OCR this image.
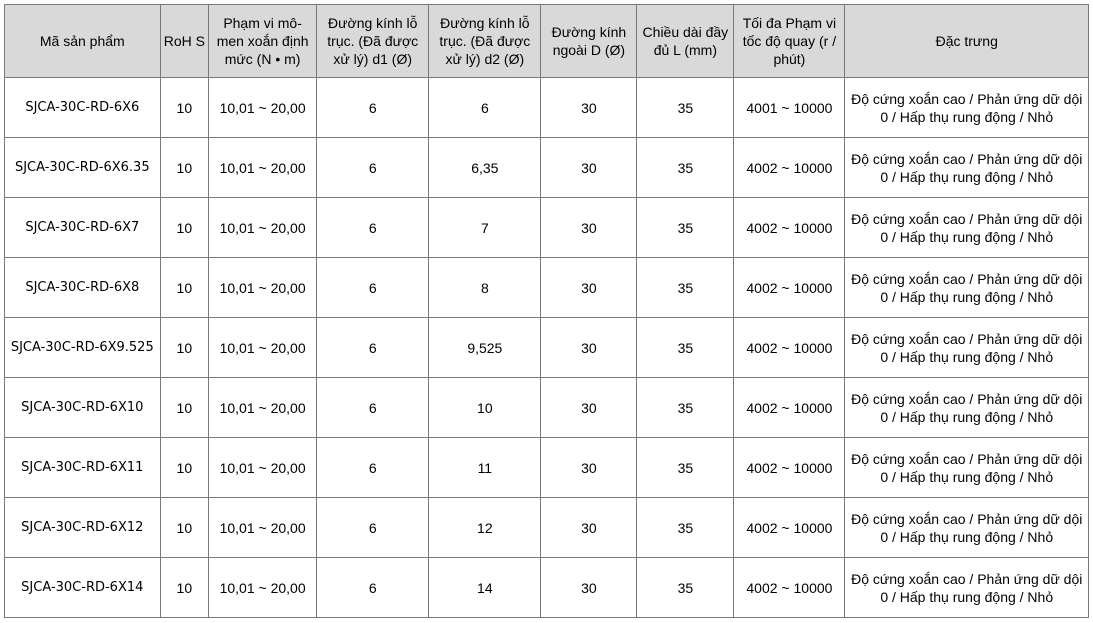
Mã sản phẩm	RoH S	Phạm vi mô-men xoắn định mức (N • m)	Đường kính lỗ trục. (Đã được xử lý) d1 (Ø)	Đường kính lỗ trục. (Đã được xử lý) d2 (Ø)	Đường kính ngoài D (Ø)	Chiều dài đầy đủ L (mm)	Tối đa Phạm vi tốc độ quay (r / phút)	Đặc trưng
SJCA-30C-RD-6X6	10	10,01 ~ 20,00	6	6	30	35	4001 ~ 10000	Độ cứng xoắn cao / Phản ứng dữ dội 0 / Hấp thụ rung động / Nhỏ
SJCA-30C-RD-6X6.35	10	10,01 ~ 20,00	6	6,35	30	35	4002 ~ 10000	Độ cứng xoắn cao / Phản ứng dữ dội 0 / Hấp thụ rung động / Nhỏ
SJCA-30C-RD-6X7	10	10,01 ~ 20,00	6	7	30	35	4002 ~ 10000	Độ cứng xoắn cao / Phản ứng dữ dội 0 / Hấp thụ rung động / Nhỏ
SJCA-30C-RD-6X8	10	10,01 ~ 20,00	6	8	30	35	4002 ~ 10000	Độ cứng xoắn cao / Phản ứng dữ dội 0 / Hấp thụ rung động / Nhỏ
SJCA-30C-RD-6X9.525	10	10,01 ~ 20,00	6	9,525	30	35	4002 ~ 10000	Độ cứng xoắn cao / Phản ứng dữ dội 0 / Hấp thụ rung động / Nhỏ
SJCA-30C-RD-6X10	10	10,01 ~ 20,00	6	10	30	35	4002 ~ 10000	Độ cứng xoắn cao / Phản ứng dữ dội 0 / Hấp thụ rung động / Nhỏ
SJCA-30C-RD-6X11	10	10,01 ~ 20,00	6	11	30	35	4002 ~ 10000	Độ cứng xoắn cao / Phản ứng dữ dội 0 / Hấp thụ rung động / Nhỏ
SJCA-30C-RD-6X12	10	10,01 ~ 20,00	6	12	30	35	4002 ~ 10000	Độ cứng xoắn cao / Phản ứng dữ dội 0 / Hấp thụ rung động / Nhỏ
SJCA-30C-RD-6X14	10	10,01 ~ 20,00	6	14	30	35	4002 ~ 10000	Độ cứng xoắn cao / Phản ứng dữ dội 0 / Hấp thụ rung động / Nhỏ
